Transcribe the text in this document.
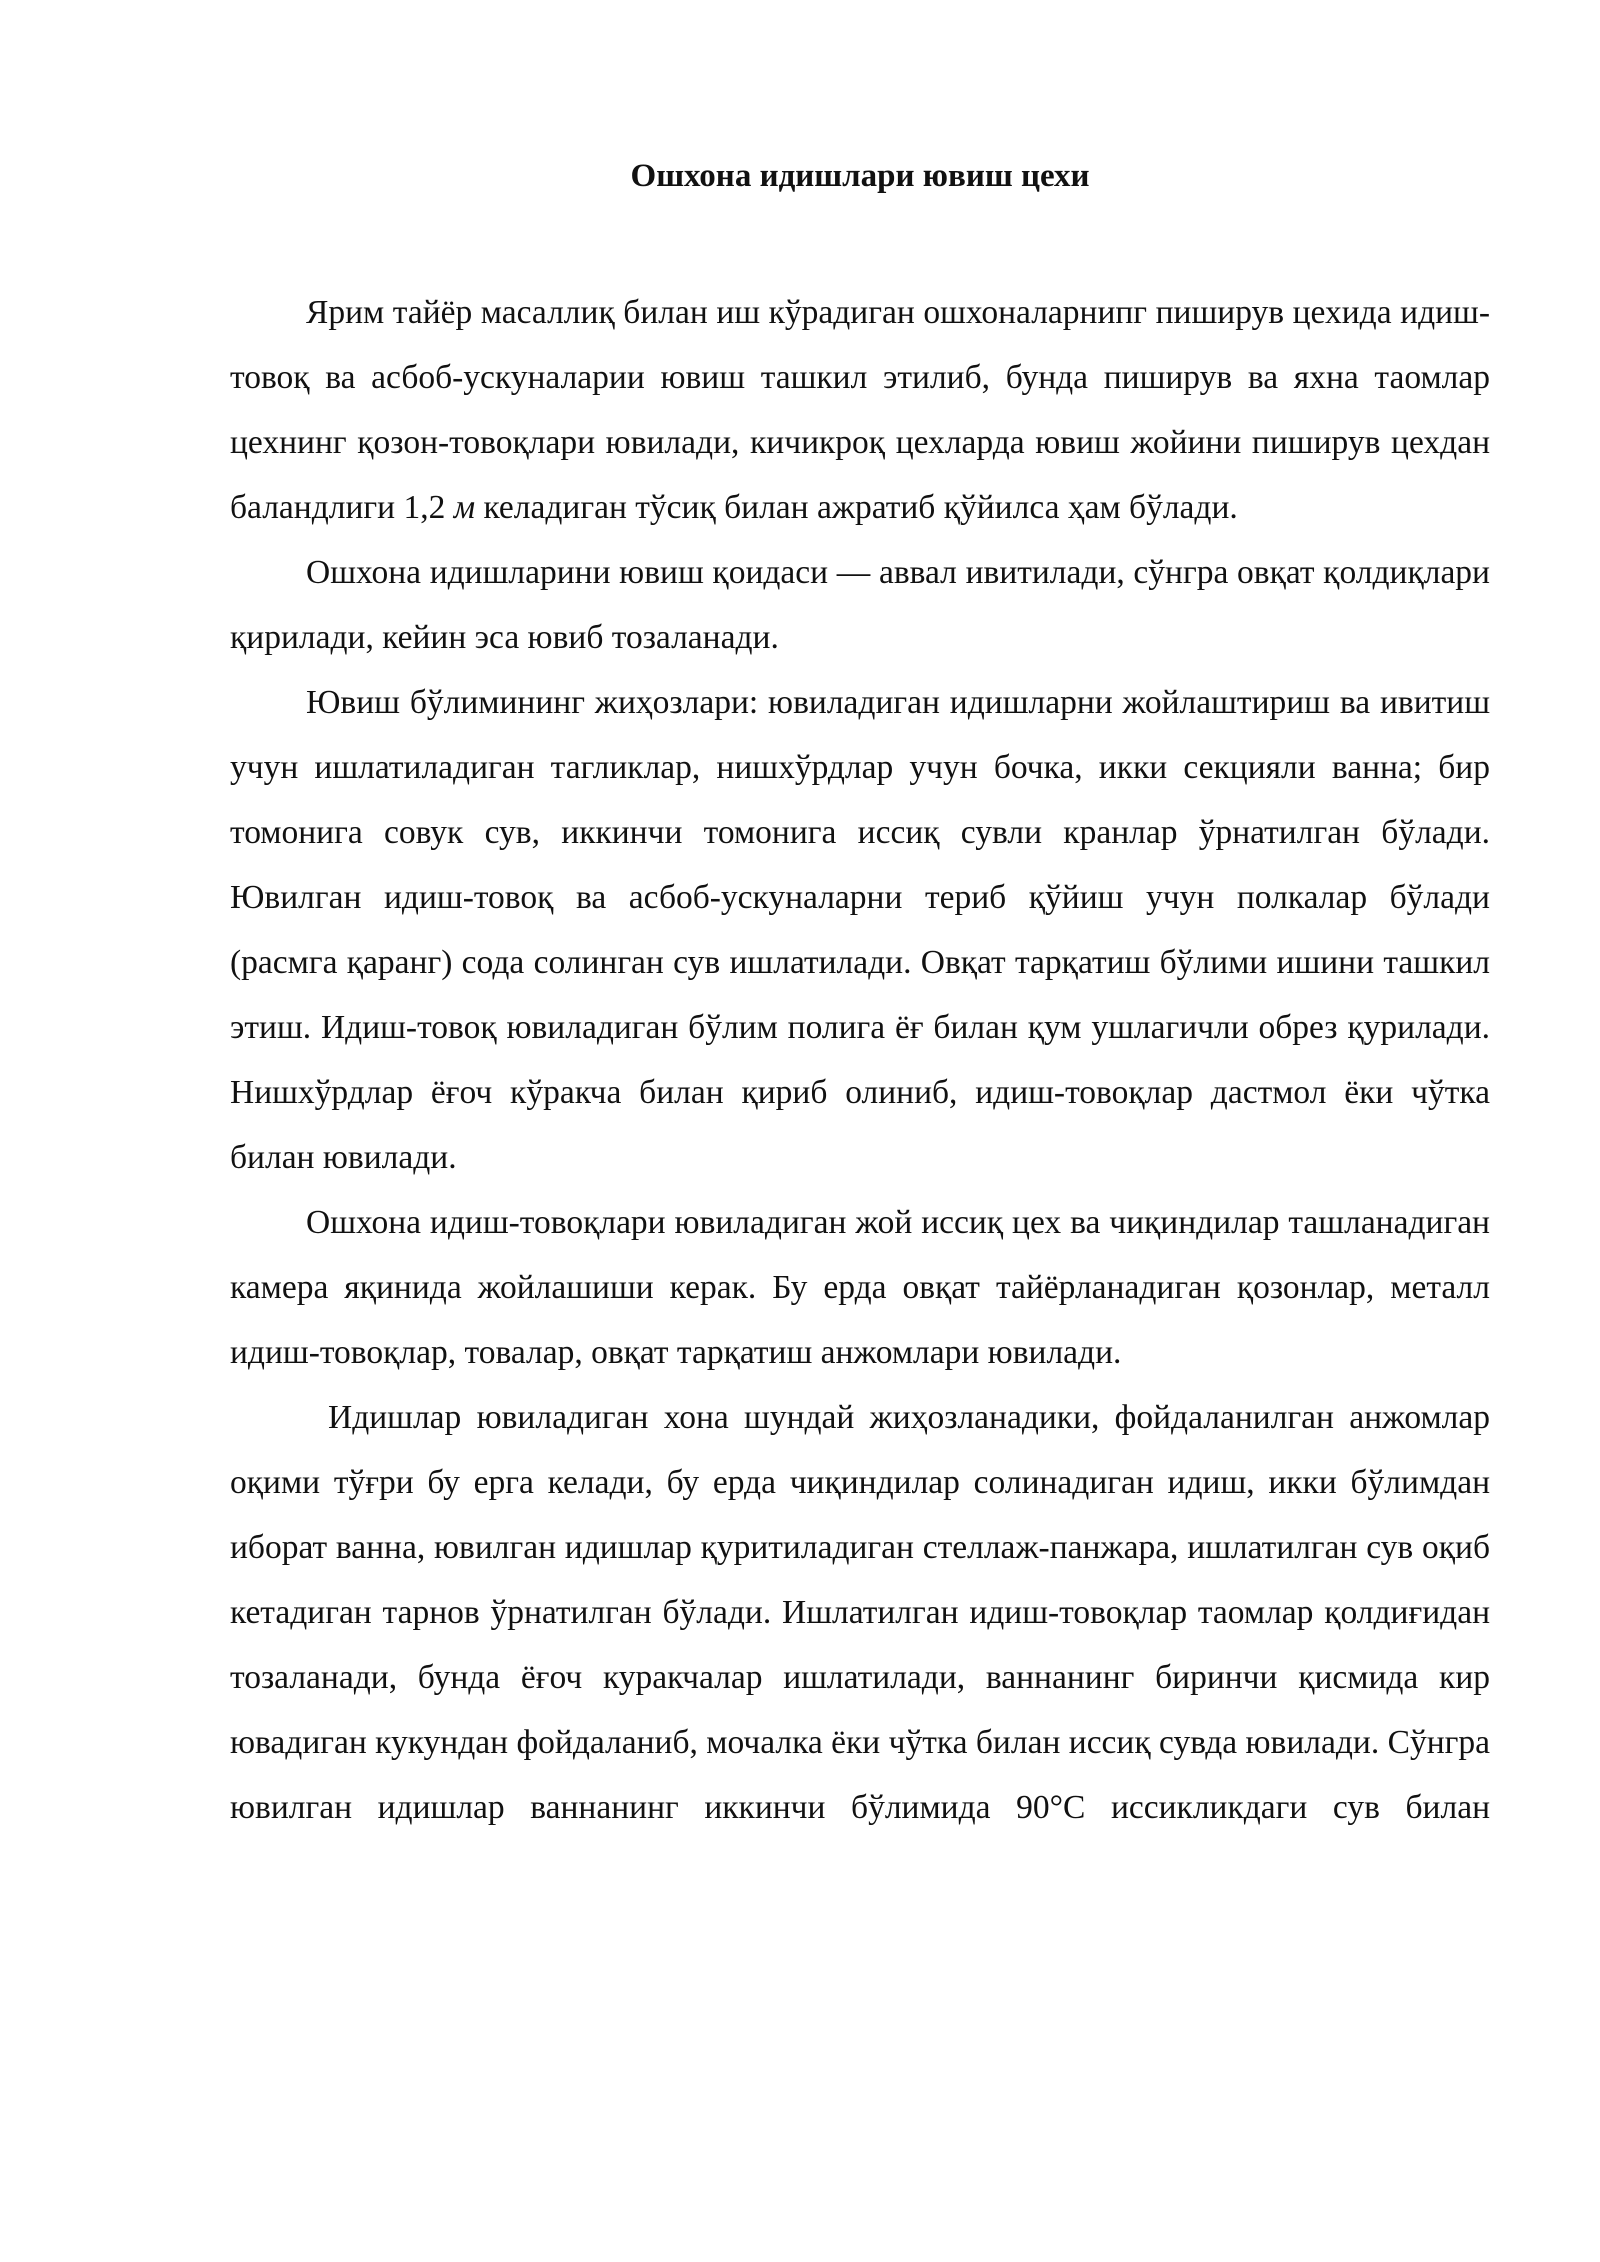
Ошхона идишлари ювиш цехи

Ярим тайёр масаллиқ билан иш кўрадиган ошхоналарнипг пиширув цехида идиш-товоқ ва асбоб-ускуналарии ювиш ташкил этилиб, бунда пиширув ва яхна таомлар цехнинг қозон-товоқлари ювилади, кичикроқ цехларда ювиш жойини пиширув цехдан баландлиги 1,2 м келадиган тўсиқ билан ажратиб қўйилса ҳам бўлади.

Ошхона идишларини ювиш қоидаси — аввал ивитилади, сўнгра овқат қолдиқлари қирилади, кейин эса ювиб тозаланади.

Ювиш бўлимининг жиҳозлари: ювиладиган идишларни жойлаштириш ва ивитиш учун ишлатиладиган тагликлар, нишхўрдлар учун бочка, икки секцияли ванна; бир томонига совук сув, иккинчи томонига иссиқ сувли кранлар ўрнатилган бўлади. Ювилган идиш-товоқ ва асбоб-ускуналарни териб қўйиш учун полкалар бўлади (расмга қаранг) сода солинган сув ишлатилади. Овқат тарқатиш бўлими ишини ташкил этиш. Идиш-товоқ ювиладиган бўлим полига ёғ билан қум ушлагичли обрез қурилади. Нишхўрдлар ёғоч кўракча билан қириб олиниб, идиш-товоқлар дастмол ёки чўтка билан ювилади.

Ошхона идиш-товоқлари ювиладиган жой иссиқ цех ва чиқиндилар ташланадиган камера яқинида жойлашиши керак. Бу ерда овқат тайёрланадиган қозонлар, металл идиш-товоқлар, товалар, овқат тарқатиш анжомлари ювилади.

Идишлар ювиладиган хона шундай жиҳозланадики, фойдаланилган анжомлар оқими тўғри бу ерга келади, бу ерда чиқиндилар солинадиган идиш, икки бўлимдан иборат ванна, ювилган идишлар қуритиладиган стеллаж-панжара, ишлатилган сув оқиб кетадиган тарнов ўрнатилган бўлади. Ишлатилган идиш-товоқлар таомлар қолдиғидан тозаланади, бунда ёғоч куракчалар ишлатилади, ваннанинг биринчи қисмида кир ювадиган кукундан фойдаланиб, мочалка ёки чўтка билан иссиқ сувда ювилади. Сўнгра ювилган идишлар ваннанинг иккинчи бўлимида 90°С иссикликдаги сув билан
